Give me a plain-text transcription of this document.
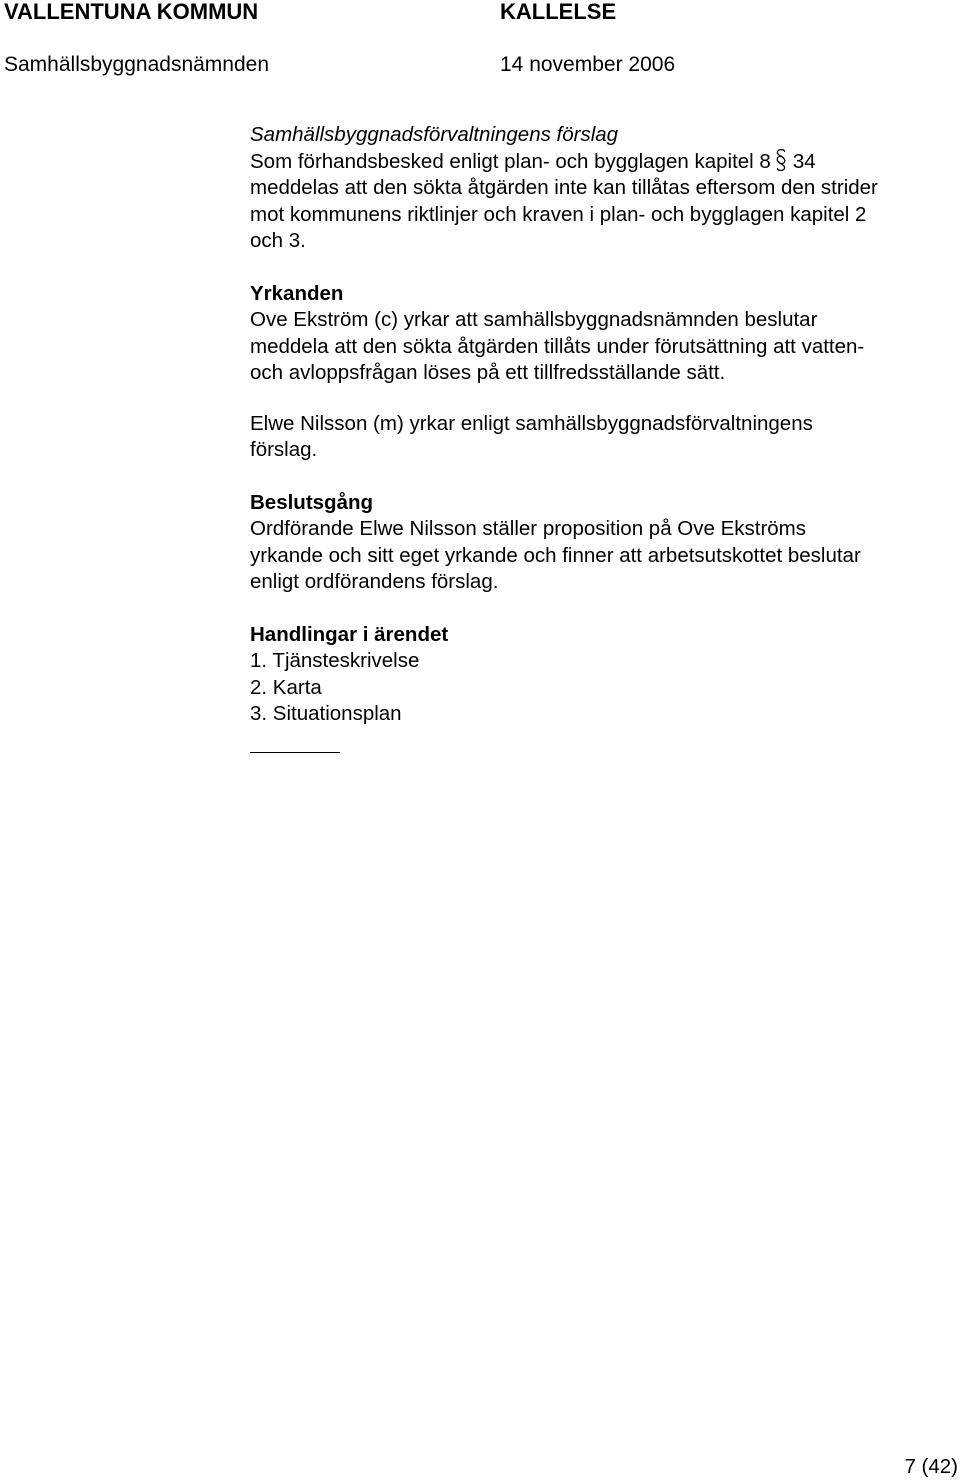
VALLENTUNA KOMMUN	KALLELSE
Samhällsbyggnadsnämnden	14 november 2006
Samhällsbyggnadsförvaltningens förslag
Som förhandsbesked enligt plan- och bygglagen kapitel 8 34
meddelas att den sökta åtgärden inte kan tillåtas eftersom den strider
mot kommunens riktlinjer och kraven i plan- och bygglagen kapitel 2
och 3.
Yrkanden
Ove Ekström (c) yrkar att samhällsbyggnadsnämnden beslutar
meddela att den sökta åtgärden tillåts under förutsättning att vatten-
och avloppsfrågan löses på ett tillfredsställande sätt.
Elwe Nilsson (m) yrkar enligt samhällsbyggnadsförvaltningens
förslag.
Beslutsgång
Ordförande Elwe Nilsson ställer proposition på Ove Ekströms
yrkande och sitt eget yrkande och finner att arbetsutskottet beslutar
enligt ordförandens förslag.
Handlingar i ärendet
1. Tjänsteskrivelse
2. Karta
3. Situationsplan
7 (42)
